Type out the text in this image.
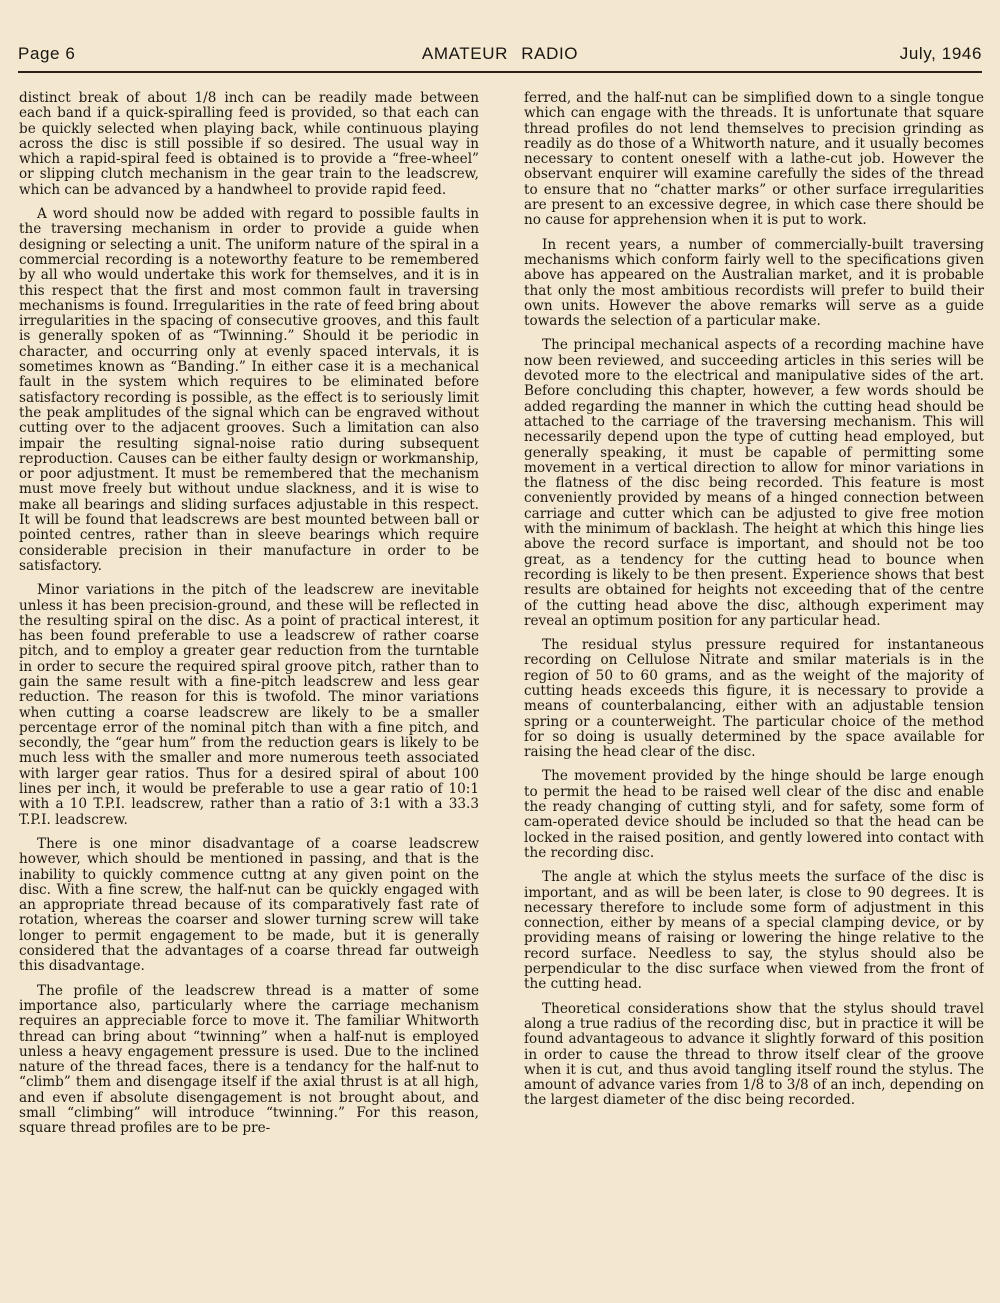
Page 6	AMATEUR RADIO	July, 1946

distinct break of about 1/8 inch can be readily made between each band if a quick-spiralling feed is provided, so that each can be quickly selected when playing back, while continuous playing across the disc is still possible if so desired. The usual way in which a rapid-spiral feed is obtained is to provide a “free-wheel” or slipping clutch mechanism in the gear train to the leadscrew, which can be advanced by a handwheel to provide rapid feed.

A word should now be added with regard to possible faults in the traversing mechanism in order to provide a guide when designing or selecting a unit. The uniform nature of the spiral in a commercial recording is a noteworthy feature to be remembered by all who would undertake this work for themselves, and it is in this respect that the first and most common fault in traversing mechanisms is found. Irregularities in the rate of feed bring about irregularities in the spacing of consecutive grooves, and this fault is generally spoken of as “Twinning.” Should it be periodic in character, and occurring only at evenly spaced intervals, it is sometimes known as “Banding.” In either case it is a mechanical fault in the system which requires to be eliminated before satisfactory recording is possible, as the effect is to seriously limit the peak amplitudes of the signal which can be engraved without cutting over to the adjacent grooves. Such a limitation can also impair the resulting signal-noise ratio during subsequent reproduction. Causes can be either faulty design or workmanship, or poor adjustment. It must be remembered that the mechanism must move freely but without undue slackness, and it is wise to make all bearings and sliding surfaces adjustable in this respect. It will be found that leadscrews are best mounted between ball or pointed centres, rather than in sleeve bearings which require considerable precision in their manufacture in order to be satisfactory.

Minor variations in the pitch of the leadscrew are inevitable unless it has been precision-ground, and these will be reflected in the resulting spiral on the disc. As a point of practical interest, it has been found preferable to use a leadscrew of rather coarse pitch, and to employ a greater gear reduction from the turntable in order to secure the required spiral groove pitch, rather than to gain the same result with a fine-pitch leadscrew and less gear reduction. The reason for this is twofold. The minor variations when cutting a coarse leadscrew are likely to be a smaller percentage error of the nominal pitch than with a fine pitch, and secondly, the “gear hum” from the reduction gears is likely to be much less with the smaller and more numerous teeth associated with larger gear ratios. Thus for a desired spiral of about 100 lines per inch, it would be preferable to use a gear ratio of 10:1 with a 10 T.P.I. leadscrew, rather than a ratio of 3:1 with a 33.3 T.P.I. leadscrew.

There is one minor disadvantage of a coarse leadscrew however, which should be mentioned in passing, and that is the inability to quickly commence cuttng at any given point on the disc. With a fine screw, the half-nut can be quickly engaged with an appropriate thread because of its comparatively fast rate of rotation, whereas the coarser and slower turning screw will take longer to permit engagement to be made, but it is generally considered that the advantages of a coarse thread far outweigh this disadvantage.

The profile of the leadscrew thread is a matter of some importance also, particularly where the carriage mechanism requires an appreciable force to move it. The familiar Whitworth thread can bring about “twinning” when a half-nut is employed unless a heavy engagement pressure is used. Due to the inclined nature of the thread faces, there is a tendancy for the half-nut to “climb” them and disengage itself if the axial thrust is at all high, and even if absolute disengagement is not brought about, and small “climbing” will introduce “twinning.” For this reason, square thread profiles are to be pre-

ferred, and the half-nut can be simplified down to a single tongue which can engage with the threads. It is unfortunate that square thread profiles do not lend themselves to precision grinding as readily as do those of a Whitworth nature, and it usually becomes necessary to content oneself with a lathe-cut job. However the observant enquirer will examine carefully the sides of the thread to ensure that no “chatter marks” or other surface irregularities are present to an excessive degree, in which case there should be no cause for apprehension when it is put to work.

In recent years, a number of commercially-built traversing mechanisms which conform fairly well to the specifications given above has appeared on the Australian market, and it is probable that only the most ambitious recordists will prefer to build their own units. However the above remarks will serve as a guide towards the selection of a particular make.

The principal mechanical aspects of a recording machine have now been reviewed, and succeeding articles in this series will be devoted more to the electrical and manipulative sides of the art. Before concluding this chapter, however, a few words should be added regarding the manner in which the cutting head should be attached to the carriage of the traversing mechanism. This will necessarily depend upon the type of cutting head employed, but generally speaking, it must be capable of permitting some movement in a vertical direction to allow for minor variations in the flatness of the disc being recorded. This feature is most conveniently provided by means of a hinged connection between carriage and cutter which can be adjusted to give free motion with the minimum of backlash. The height at which this hinge lies above the record surface is important, and should not be too great, as a tendency for the cutting head to bounce when recording is likely to be then present. Experience shows that best results are obtained for heights not exceeding that of the centre of the cutting head above the disc, although experiment may reveal an optimum position for any particular head.

The residual stylus pressure required for instantaneous recording on Cellulose Nitrate and smilar materials is in the region of 50 to 60 grams, and as the weight of the majority of cutting heads exceeds this figure, it is necessary to provide a means of counterbalancing, either with an adjustable tension spring or a counterweight. The particular choice of the method for so doing is usually determined by the space available for raising the head clear of the disc.

The movement provided by the hinge should be large enough to permit the head to be raised well clear of the disc and enable the ready changing of cutting styli, and for safety, some form of cam-operated device should be included so that the head can be locked in the raised position, and gently lowered into contact with the recording disc.

The angle at which the stylus meets the surface of the disc is important, and as will be been later, is close to 90 degrees. It is necessary therefore to include some form of adjustment in this connection, either by means of a special clamping device, or by providing means of raising or lowering the hinge relative to the record surface. Needless to say, the stylus should also be perpendicular to the disc surface when viewed from the front of the cutting head.

Theoretical considerations show that the stylus should travel along a true radius of the recording disc, but in practice it will be found advantageous to advance it slightly forward of this position in order to cause the thread to throw itself clear of the groove when it is cut, and thus avoid tangling itself round the stylus. The amount of advance varies from 1/8 to 3/8 of an inch, depending on the largest diameter of the disc being recorded.
